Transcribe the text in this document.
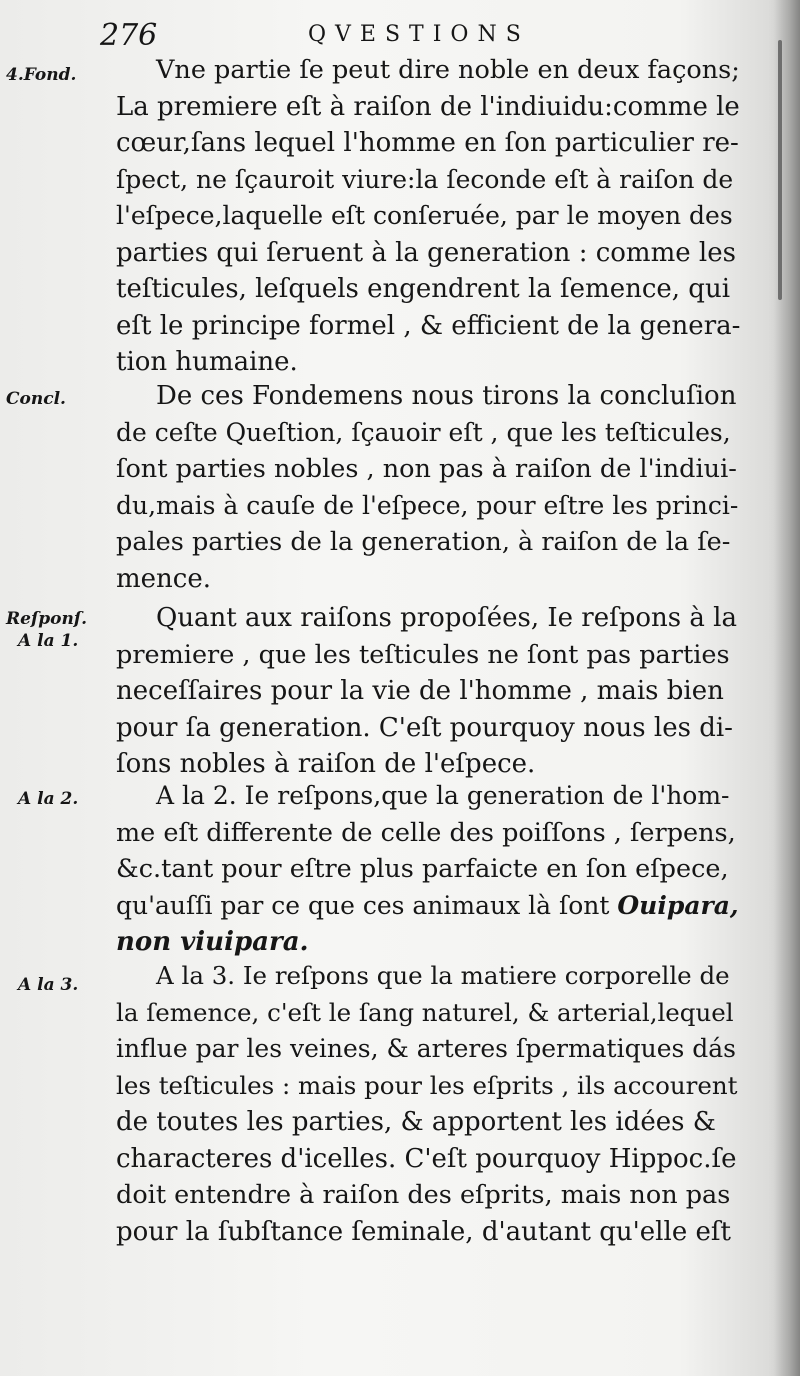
276	QVESTIONS
4.Fond.	Vne partie ſe peut dire noble en deux façons;
La premiere eſt à raiſon de l'indiuidu:comme le
cœur,ſans lequel l'homme en ſon particulier re-
ſpect, ne ſçauroit viure:la ſeconde eſt à raiſon de
l'eſpece,laquelle eſt conſeruée, par le moyen des
parties qui ſeruent à la generation : comme les
teſticules, leſquels engendrent la ſemence, qui
eſt le principe formel , & efficient de la genera-
tion humaine.
Concl.	De ces Fondemens nous tirons la concluſion
de ceſte Queſtion, ſçauoir eſt , que les teſticules,
ſont parties nobles , non pas à raiſon de l'indiui-
du,mais à cauſe de l'eſpece, pour eſtre les princi-
pales parties de la generation, à raiſon de la ſe-
mence.
Reſponſ.
A la 1.
Quant aux raiſons propoſées, Ie reſpons à la
premiere , que les teſticules ne ſont pas parties
neceſſaires pour la vie de l'homme , mais bien
pour ſa generation. C'eſt pourquoy nous les di-
ſons nobles à raiſon de l'eſpece.
A la 2.	A la 2. Ie reſpons,que la generation de l'hom-
me eſt differente de celle des poiſſons , ſerpens,
&c.tant pour eſtre plus parfaicte en ſon eſpece,
qu'auſſi par ce que ces animaux là ſont Ouipara,
non viuipara.
A la 3.	A la 3. Ie reſpons que la matiere corporelle de
la ſemence, c'eſt le ſang naturel, & arterial,lequel
influe par les veines, & arteres ſpermatiques dás
les teſticules : mais pour les eſprits , ils accourent
de toutes les parties, & apportent les idées &
characteres d'icelles. C'eſt pourquoy Hippoc.ſe
doit entendre à raiſon des eſprits, mais non pas
pour la ſubſtance ſeminale, d'autant qu'elle eſt
